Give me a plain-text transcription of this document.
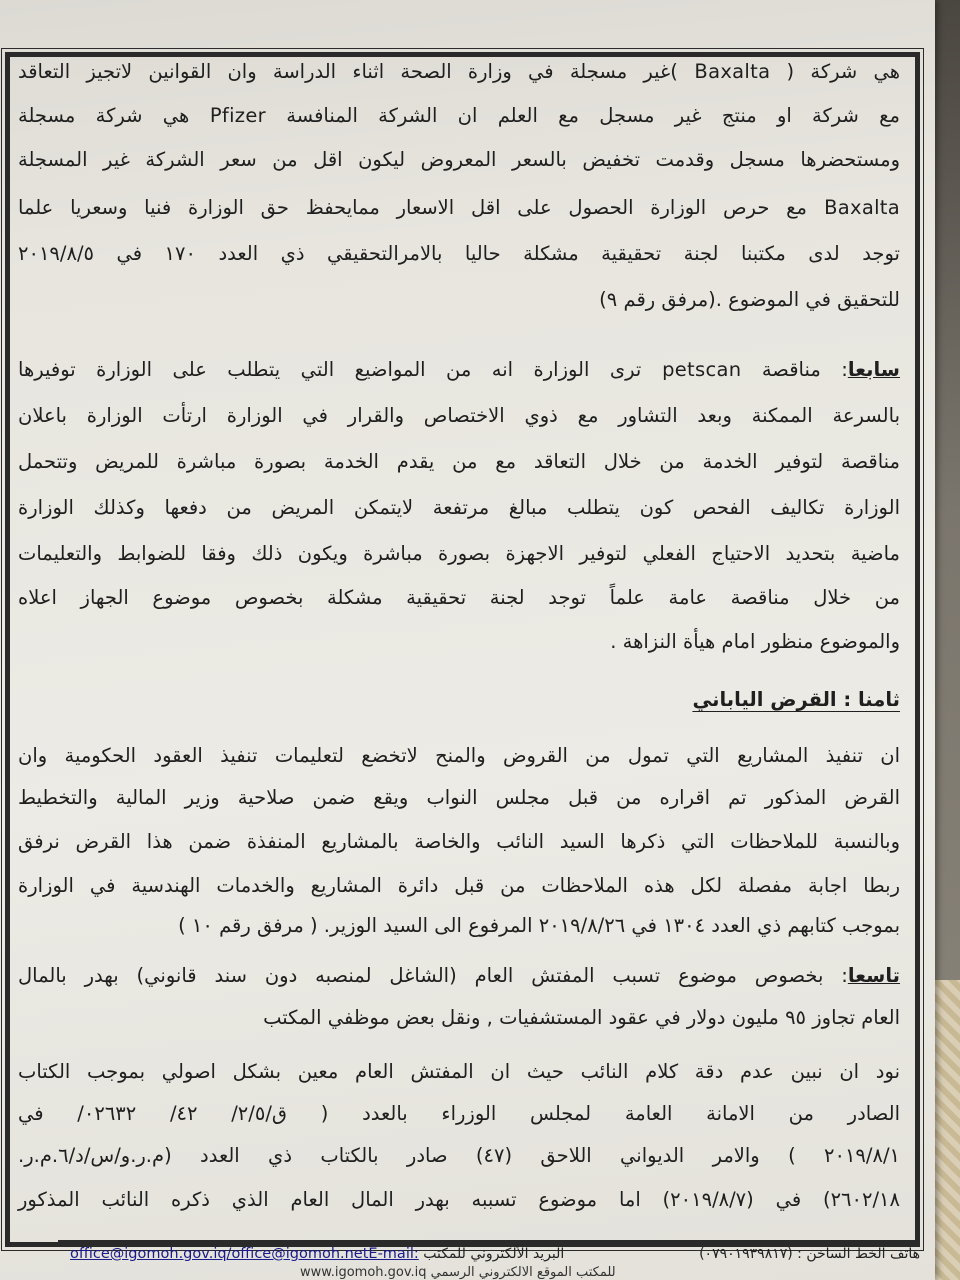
هي شركة ( Baxalta )غير مسجلة في وزارة الصحة اثناء الدراسة وان القوانين لاتجيز التعاقد
مع شركة او منتج غير مسجل مع العلم ان الشركة المنافسة Pfizer هي شركة مسجلة
ومستحضرها مسجل وقدمت تخفيض بالسعر المعروض ليكون اقل من سعر الشركة غير المسجلة
Baxalta مع حرص الوزارة الحصول على اقل الاسعار ممايحفظ حق الوزارة فنيا وسعريا علما
توجد لدى مكتبنا لجنة تحقيقية مشكلة حاليا بالامرالتحقيقي ذي العدد ١٧٠ في ٢٠١٩/٨/٥
للتحقيق في الموضوع .(مرفق رقم ٩)
سابعا: مناقصة petscan ترى الوزارة انه من المواضيع التي يتطلب على الوزارة توفيرها
بالسرعة الممكنة وبعد التشاور مع ذوي الاختصاص والقرار في الوزارة ارتأت الوزارة باعلان
مناقصة لتوفير الخدمة من خلال التعاقد مع من يقدم الخدمة بصورة مباشرة للمريض وتتحمل
الوزارة تكاليف الفحص كون يتطلب مبالغ مرتفعة لايتمكن المريض من دفعها وكذلك الوزارة
ماضية بتحديد الاحتياج الفعلي لتوفير الاجهزة بصورة مباشرة ويكون ذلك وفقا للضوابط والتعليمات
من خلال مناقصة عامة علماً توجد لجنة تحقيقية مشكلة بخصوص موضوع الجهاز اعلاه
والموضوع منظور امام هيأة النزاهة .
ثامنا : القرض الياباني
ان تنفيذ المشاريع التي تمول من القروض والمنح لاتخضع لتعليمات تنفيذ العقود الحكومية وان
القرض المذكور تم اقراره من قبل مجلس النواب ويقع ضمن صلاحية وزير المالية والتخطيط
وبالنسبة للملاحظات التي ذكرها السيد النائب والخاصة بالمشاريع المنفذة ضمن هذا القرض نرفق
ربطا اجابة مفصلة لكل هذه الملاحظات من قبل دائرة المشاريع والخدمات الهندسية في الوزارة
بموجب كتابهم ذي العدد ١٣٠٤ في ٢٠١٩/٨/٢٦ المرفوع الى السيد الوزير. ( مرفق رقم ١٠ )
تاسعا: بخصوص موضوع تسبب المفتش العام (الشاغل لمنصبه دون سند قانوني) بهدر بالمال
العام تجاوز ٩٥ مليون دولار في عقود المستشفيات , ونقل بعض موظفي المكتب
نود ان نبين عدم دقة كلام النائب حيث ان المفتش العام معين بشكل اصولي بموجب الكتاب
الصادر من الامانة العامة لمجلس الوزراء بالعدد ( ق/٢/٥/ ٤٢/ ٠٢٦٣٢/ في
٢٠١٩/٨/١ ) والامر الديواني اللاحق (٤٧) صادر بالكتاب ذي العدد (م.ر.و/س/د/٦.م.ر.
٢٦٠٢/١٨) في (٢٠١٩/٨/٧) اما موضوع تسببه بهدر المال العام الذي ذكره النائب المذكور
office@igomoh.gov.iq/office@igomoh.netE-mail: البريد الألكتروني للمكتب	هاتف الخط الساخن : (٠٧٩٠١٩٣٩٨١٧)
www.igomoh.gov.iq للمكتب الموقع الألكتروني الرسمي
